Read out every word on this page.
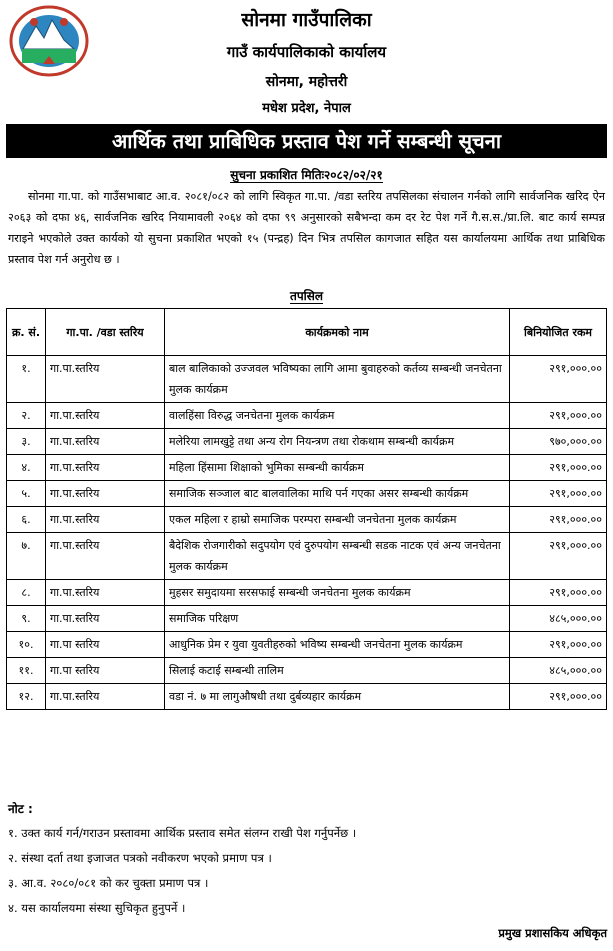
सोनमा गाउँपालिका
गाउँ कार्यपालिकाको कार्यालय
सोनमा, महोत्तरी
मधेश प्रदेश, नेपाल
आर्थिक तथा प्राबिधिक प्रस्ताव पेश गर्ने सम्बन्धी सूचना
सुचना प्रकाशित मितिः२०८२/०२/२१
सोनमा गा.पा. को गाउँसभाबाट आ.व. २०८१/०८२ को लागि स्विकृत गा.पा. /वडा स्तरिय तपसिलका संचालन गर्नको लागि सार्वजनिक खरिद ऐन २०६३ को दफा ४६, सार्वजनिक खरिद नियामावली २०६४ को दफा ९९ अनुसारको सबैभन्दा कम दर रेट पेश गर्ने गै.स.स./प्रा.लि. बाट कार्य सम्पन्न गराइने भएकोले उक्त कार्यको यो सुचना प्रकाशित भएको १५ (पन्द्रह) दिन भित्र तपसिल कागजात सहित यस कार्यालयमा आर्थिक तथा प्राबिधिक प्रस्ताव पेश गर्न अनुरोध छ ।
तपसिल
क्र. सं.	गा.पा. /वडा स्तरिय	कार्यक्रमको नाम	बिनियोजित रकम
१.	गा.पा.स्तरिय	बाल बालिकाको उज्जवल भविष्यका लागि आमा बुवाहरुको कर्तव्य सम्बन्धी जनचेतना मुलक कार्यक्रम	२९१,०००.००
२.	गा.पा.स्तरिय	वालहिंसा विरुद्ध जनचेतना मुलक कार्यक्रम	२९१,०००.००
३.	गा.पा.स्तरिय	मलेरिया लामखुट्टे तथा अन्य रोग नियन्त्रण तथा रोकथाम सम्बन्धी कार्यक्रम	९७०,०००.००
४.	गा.पा.स्तरिय	महिला हिंसामा शिक्षाको भुमिका सम्बन्धी कार्यक्रम	२९१,०००.००
५.	गा.पा.स्तरिय	समाजिक सञ्जाल बाट बालवालिका माथि पर्न गएका असर सम्बन्धी कार्यक्रम	२९१,०००.००
६.	गा.पा.स्तरिय	एकल महिला र हाम्रो समाजिक परम्परा सम्बन्धी जनचेतना मुलक कार्यक्रम	२९१,०००.००
७.	गा.पा.स्तरिय	बैदेशिक रोजगारीको सदुपयोग एवं दुरुपयोग सम्बन्धी सडक नाटक एवं अन्य जनचेतना मुलक कार्यक्रम	२९१,०००.००
८.	गा.पा.स्तरिय	मुहसर समुदायमा सरसफाई सम्बन्धी जनचेतना मुलक कार्यक्रम	२९१,०००.००
९.	गा.पा.स्तरिय	समाजिक परिक्षण	४८५,०००.००
१०.	गा.पा स्तरिय	आधुनिक प्रेम र युवा युवतीहरुको भविष्य सम्बन्धी जनचेतना मुलक कार्यक्रम	२९१,०००.००
११.	गा.पा स्तरिय	सिलाई कटाई सम्बन्धी तालिम	४८५,०००.००
१२.	गा.पा.स्तरिय	वडा नं. ७ मा लागुऔषधी तथा दुर्बव्यहार कार्यक्रम	२९१,०००.००
नोट :
१. उक्त कार्य गर्न/गराउन प्रस्तावमा आर्थिक प्रस्ताव समेत संलग्न राखी पेश गर्नुपर्नेछ ।
२. संस्था दर्ता तथा इजाजत पत्रको नवीकरण भएको प्रमाण पत्र ।
३. आ.व. २०८०/०८१ को कर चुक्ता प्रमाण पत्र ।
४. यस कार्यालयमा संस्था सुचिकृत हुनुपर्ने ।
प्रमुख प्रशासकिय अधिकृत
